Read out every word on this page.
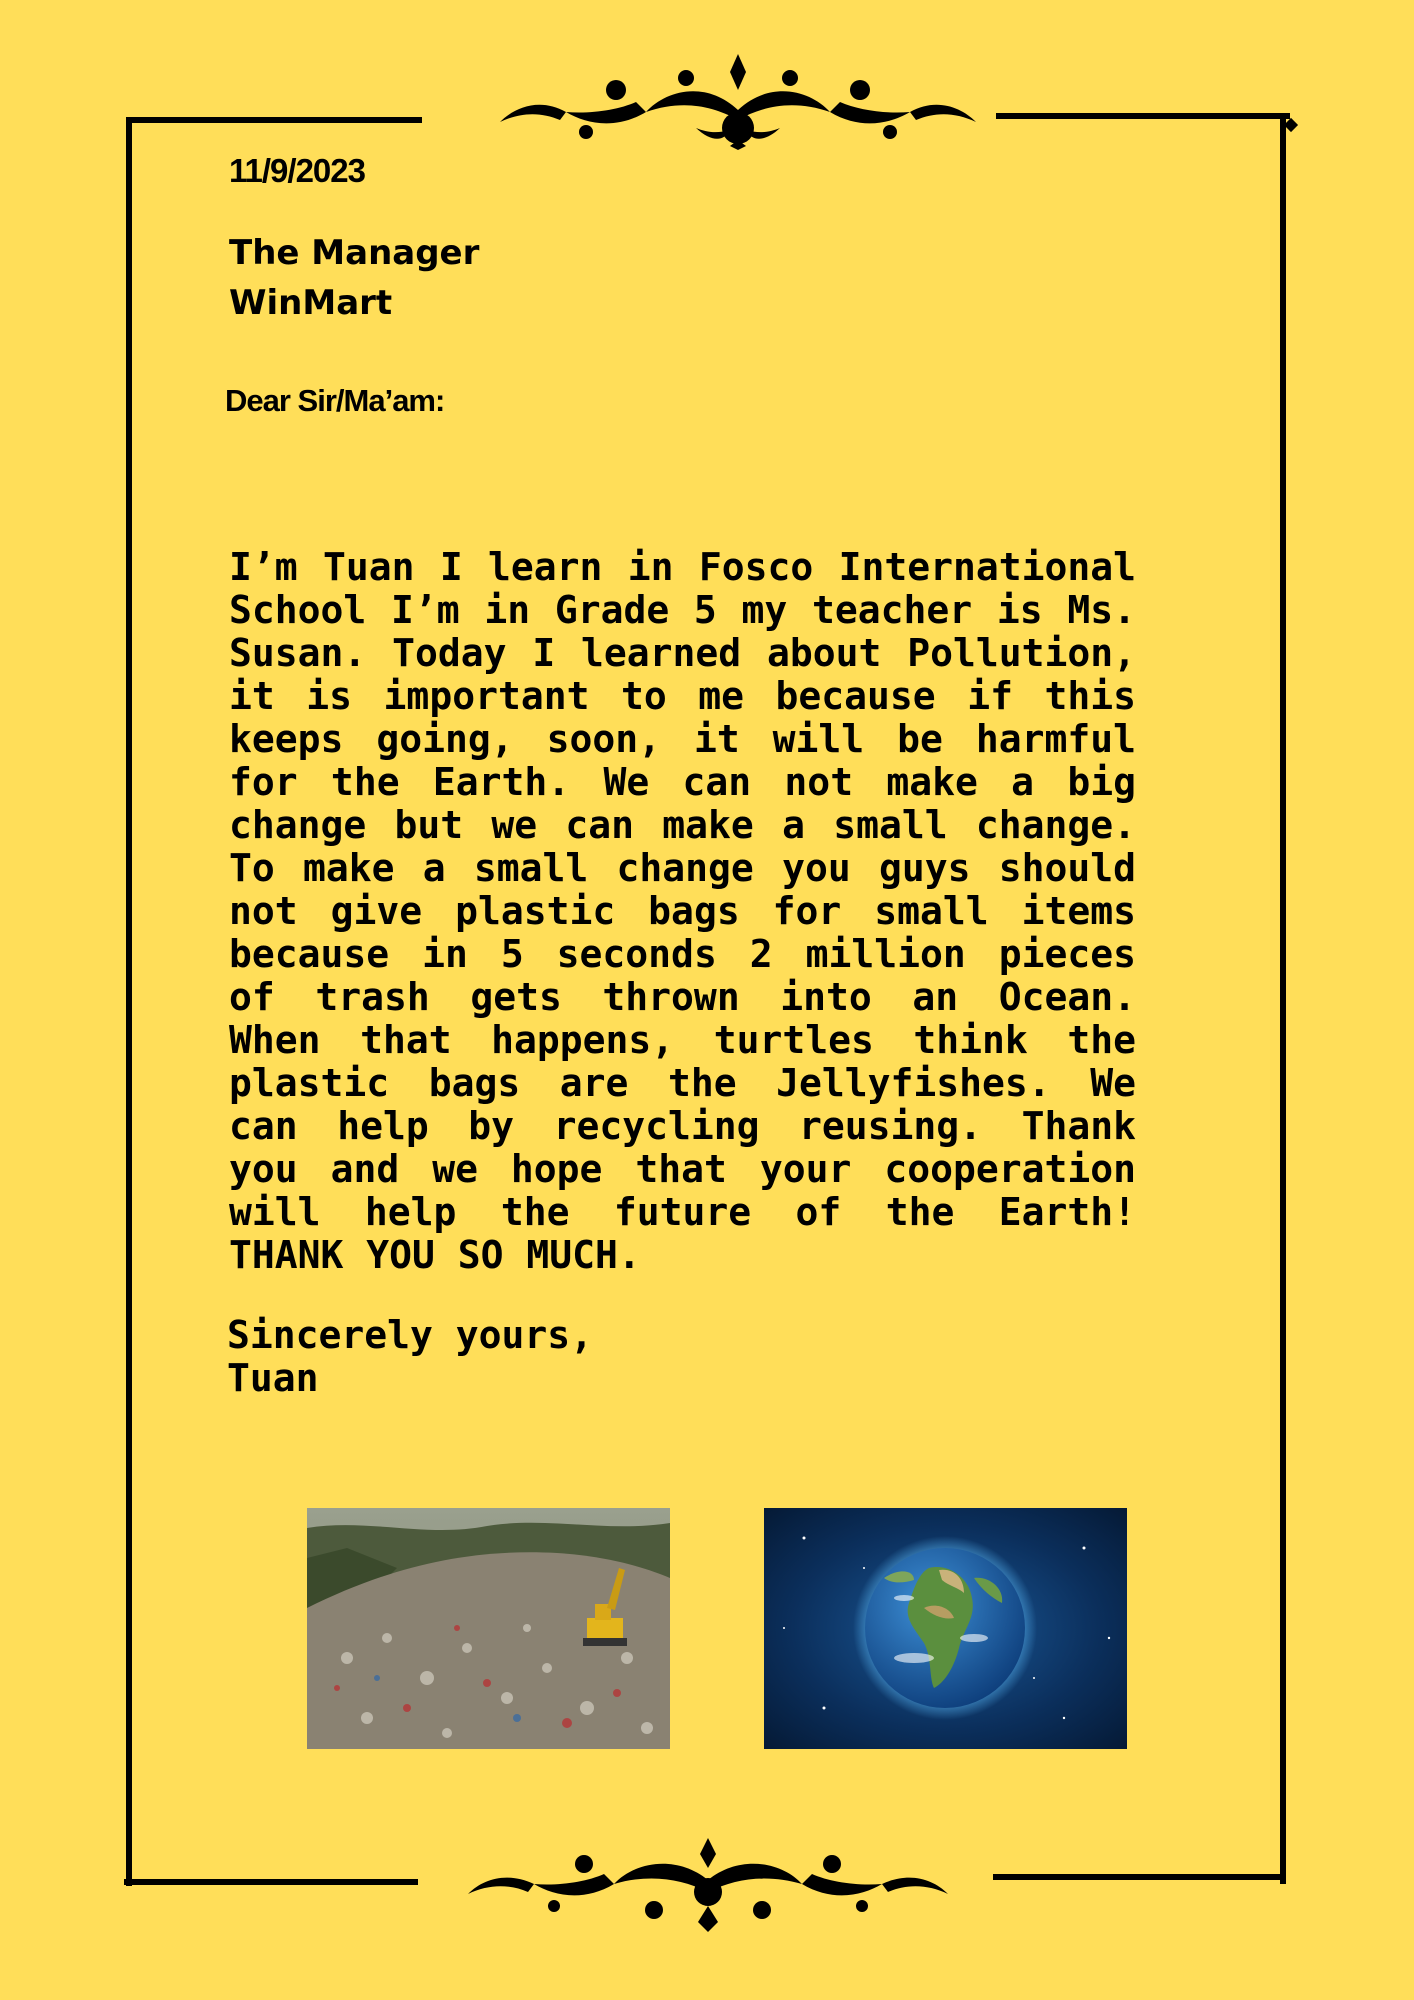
11/9/2023
The Manager
WinMart
Dear Sir/Ma’am:

I’m Tuan I learn in Fosco International School I’m in Grade 5 my teacher is Ms. Susan. Today I learned about Pollution, it is important to me because if this keeps going, soon, it will be harmful for the Earth. We can not make a big change but we can make a small change. To make a small change you guys should not give plastic bags for small items because in 5 seconds 2 million pieces of trash gets thrown into an Ocean. When that happens, turtles think the plastic bags are the Jellyfishes. We can help by recycling reusing. Thank you and we hope that your cooperation will help the future of the Earth! THANK YOU SO MUCH.

Sincerely yours,
Tuan
